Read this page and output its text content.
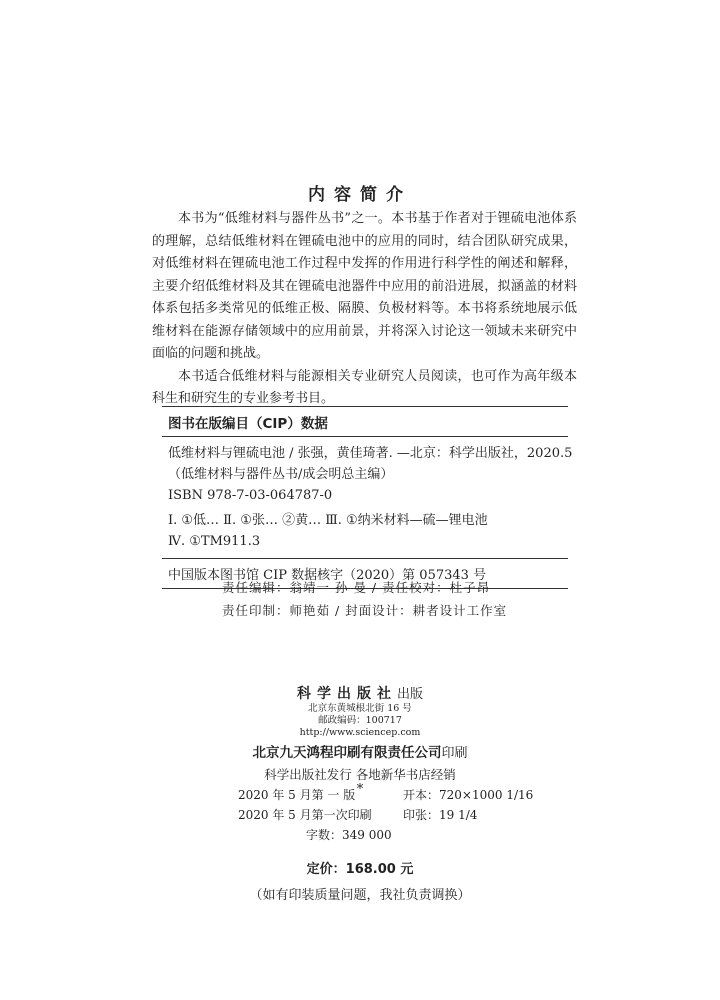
内容简介

本书为“低维材料与器件丛书”之一。本书基于作者对于锂硫电池体系的理解，总结低维材料在锂硫电池中的应用的同时，结合团队研究成果，对低维材料在锂硫电池工作过程中发挥的作用进行科学性的阐述和解释，主要介绍低维材料及其在锂硫电池器件中应用的前沿进展，拟涵盖的材料体系包括多类常见的低维正极、隔膜、负极材料等。本书将系统地展示低维材料在能源存储领域中的应用前景，并将深入讨论这一领域未来研究中面临的问题和挑战。

本书适合低维材料与能源相关专业研究人员阅读，也可作为高年级本科生和研究生的专业参考书目。

图书在版编目（CIP）数据
低维材料与锂硫电池 / 张强，黄佳琦著. —北京：科学出版社，2020.5
（低维材料与器件丛书/成会明总主编）
ISBN 978-7-03-064787-0
Ⅰ. ①低… Ⅱ. ①张… ②黄… Ⅲ. ①纳米材料—硫—锂电池
Ⅳ. ①TM911.3
中国版本图书馆 CIP 数据核字（2020）第 057343 号
责任编辑：翁靖一 孙 曼 / 责任校对：杜子昂
责任印制：师艳茹 / 封面设计：耕者设计工作室
科学出版社出版
北京东黄城根北街 16 号
邮政编码：100717
http://www.sciencep.com
北京九天鸿程印刷有限责任公司印刷
科学出版社发行 各地新华书店经销
*
2020 年 5 月第 一 版	开本：720×1000 1/16
2020 年 5 月第一次印刷	印张：19 1/4
字数：349 000
定价：168.00 元
（如有印装质量问题，我社负责调换）
